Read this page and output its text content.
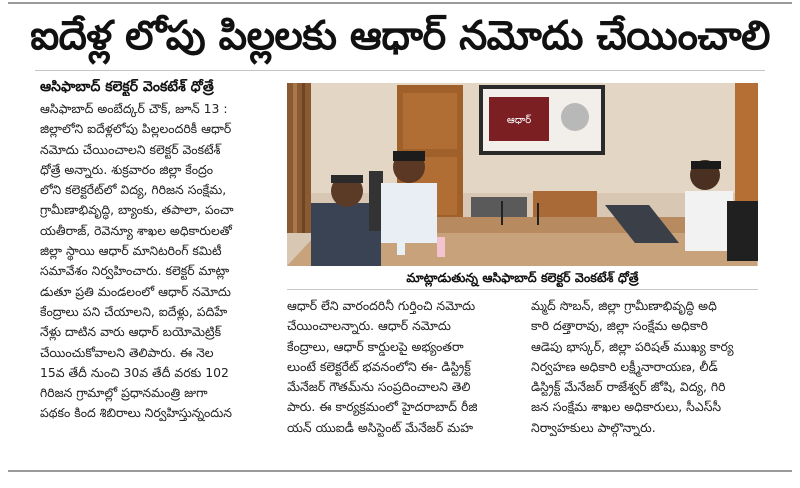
ఐదేళ్ల లోపు పిల్లలకు ఆధార్ నమోదు చేయించాలి
ఆసిఫాబాద్ కలెక్టర్ వెంకటేశ్ ధోత్రే
ఆసిఫాబాద్ అంబేద్కర్ చౌక్, జూన్ 13 :
జిల్లాలోని ఐదేళ్లలోపు పిల్లలందరికీ ఆధార్
నమోదు చేయించాలని కలెక్టర్ వెంకటేశ్
ధోత్రే అన్నారు. శుక్రవారం జిల్లా కేంద్రం
లోని కలెక్టరేట్‌లో విద్య, గిరిజన సంక్షేమ,
గ్రామీణాభివృద్ధి, బ్యాంకు, తపాలా, పంచా
యతీరాజ్, రెవెన్యూ శాఖల అధికారులతో
జిల్లా స్థాయి ఆధార్ మానిటరింగ్ కమిటీ
సమావేశం నిర్వహించారు. కలెక్టర్ మాట్లా
డుతూ ప్రతి మండలంలో ఆధార్ నమోదు
కేంద్రాలు పని చేయాలని, ఐదేళ్లు, పదిహే
నేళ్లు దాటిన వారు ఆధార్ బయోమెట్రిక్
చేయించుకోవాలని తెలిపారు. ఈ నెల
15వ తేదీ నుంచి 30వ తేదీ వరకు 102
గిరిజన గ్రామాల్లో ప్రధానమంత్రి జుగా
పథకం కింద శిబిరాలు నిర్వహిస్తున్నందున
ఆధార్
మాట్లాడుతున్న ఆసిఫాబాద్ కలెక్టర్ వెంకటేశ్ ధోత్రే
ఆధార్ లేని వారందరినీ గుర్తించి నమోదు
చేయించాలన్నారు. ఆధార్ నమోదు
కేంద్రాలు, ఆధార్ కార్డులపై అభ్యంతరా
లుంటే కలెక్టరేట్ భవనంలోని ఈ- డిస్ట్రిక్ట్
మేనేజర్ గౌతమ్‌ను సంప్రదించాలని తెలి
పారు. ఈ కార్యక్రమంలో హైదరాబాద్ రీజి
యన్ యుఐడీ అసిస్టెంట్ మేనేజర్ మహ
మ్మద్ సొబన్, జిల్లా గ్రామీణాభివృద్ధి అధి
కారి దత్తారావు, జిల్లా సంక్షేమ అధికారి
ఆడెపు భాస్కర్, జిల్లా పరిషత్ ముఖ్య కార్య
నిర్వహణ అధికారి లక్ష్మీనారాయణ, లీడ్
డిస్ట్రిక్ట్ మేనేజర్ రాజేశ్వర్ జోషి, విద్య, గిరి
జన సంక్షేమ శాఖల అధికారులు, సీఎస్‌సీ
నిర్వాహకులు పాల్గొన్నారు.
